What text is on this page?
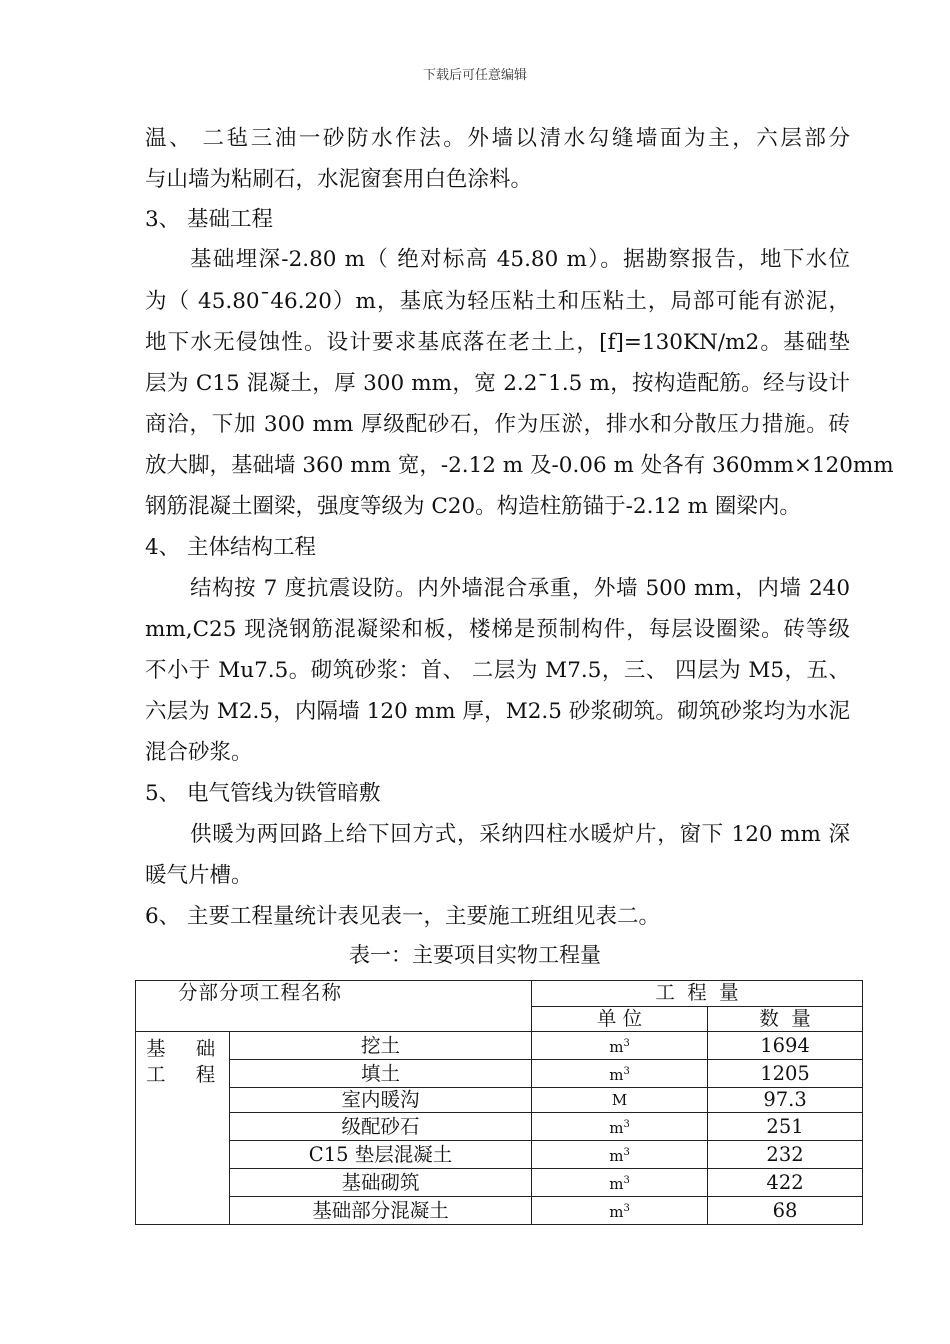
下载后可任意编辑
温、 二毡三油一砂防水作法。外墙以清水勾缝墙面为主，六层部分
与山墙为粘刷石，水泥窗套用白色涂料。
3、 基础工程
基础埋深-2.80 m（ 绝对标高 45.80 m）。据勘察报告，地下水位
为（ 45.80¯46.20）m，基底为轻压粘土和压粘土，局部可能有淤泥，
地下水无侵蚀性。设计要求基底落在老土上，[f]=130KN/m2。基础垫
层为 C15 混凝土，厚 300 mm，宽 2.2¯1.5 m，按构造配筋。经与设计
商洽，下加 300 mm 厚级配砂石，作为压淤，排水和分散压力措施。砖
放大脚，基础墙 360 mm 宽，-2.12 m 及-0.06 m 处各有 360mm×120mm
钢筋混凝土圈梁，强度等级为 C20。构造柱筋锚于-2.12 m 圈梁内。
4、 主体结构工程
结构按 7 度抗震设防。内外墙混合承重，外墙 500 mm，内墙 240
mm,C25 现浇钢筋混凝梁和板，楼梯是预制构件，每层设圈梁。砖等级
不小于 Mu7.5。砌筑砂浆：首、 二层为 M7.5，三、 四层为 M5，五、
六层为 M2.5，内隔墙 120 mm 厚，M2.5 砂浆砌筑。砌筑砂浆均为水泥
混合砂浆。
5、 电气管线为铁管暗敷
供暖为两回路上给下回方式，采纳四柱水暖炉片，窗下 120 mm 深
暖气片槽。
6、 主要工程量统计表见表一，主要施工班组见表二。
表一：主要项目实物工程量
分部分项工程名称		工  程  量	
		单 位	数  量
基 础 工 程	挖土	$m^3$	1694
	填土	$m^3$	1205
	室内暖沟	M	97.3
	级配砂石	$m^3$	251
	C15 垫层混凝土	$m^3$	232
	基础砌筑	$m^3$	422
	基础部分混凝土	$m^3$	68
